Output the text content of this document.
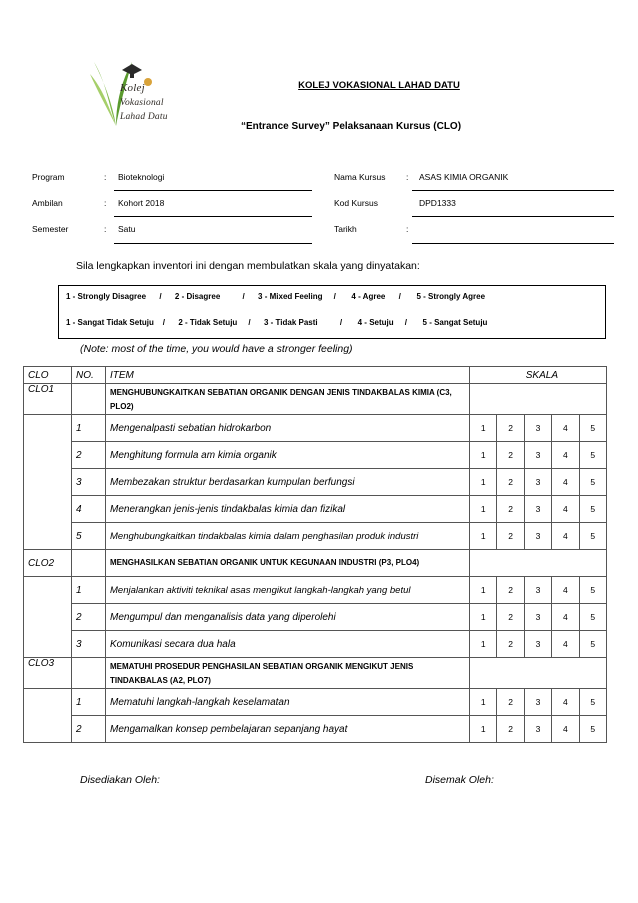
Kolej
Vokasional
Lahad Datu
KOLEJ VOKASIONAL LAHAD DATU
“Entrance Survey” Pelaksanaan Kursus (CLO)
Program	: Bioteknologi
Ambilan	: Kohort 2018
Semester	: Satu
Nama Kursus : ASAS KIMIA ORGANIK
Kod Kursus	DPD1333
Tarikh	:
Sila lengkapkan inventori ini dengan membulatkan skala yang dinyatakan:
1 - Strongly Disagree      /      2 - Disagree          /      3 - Mixed Feeling     /       4 - Agree      /       5 - Strongly Agree
1 - Sangat Tidak Setuju    /      2 - Tidak Setuju     /      3 - Tidak Pasti          /       4 - Setuju     /       5 - Sangat Setuju
(Note: most of the time, you would have a stronger feeling)
CLO	NO.	ITEM	SKALA				
CLO1		MENGHUBUNGKAITKAN SEBATIAN ORGANIK DENGAN JENIS TINDAKBALAS KIMIA (C3, PLO2)					
	1	Mengenalpasti sebatian hidrokarbon	1	2	3	4	5
	2	Menghitung formula am kimia organik	1	2	3	4	5
	3	Membezakan struktur berdasarkan kumpulan berfungsi	1	2	3	4	5
	4	Menerangkan jenis-jenis tindakbalas kimia dan fizikal	1	2	3	4	5
	5	Menghubungkaitkan tindakbalas kimia dalam penghasilan produk industri	1	2	3	4	5
CLO2		MENGHASILKAN SEBATIAN ORGANIK UNTUK KEGUNAAN INDUSTRI (P3, PLO4)					
	1	Menjalankan aktiviti teknikal asas mengikut langkah-langkah yang betul	1	2	3	4	5
	2	Mengumpul dan menganalisis data yang diperolehi	1	2	3	4	5
	3	Komunikasi secara dua hala	1	2	3	4	5
CLO3		MEMATUHI PROSEDUR PENGHASILAN SEBATIAN ORGANIK MENGIKUT JENIS TINDAKBALAS (A2, PLO7)					
	1	Mematuhi langkah-langkah keselamatan	1	2	3	4	5
	2	Mengamalkan konsep pembelajaran sepanjang hayat	1	2	3	4	5
Disediakan Oleh:	Disemak Oleh:
